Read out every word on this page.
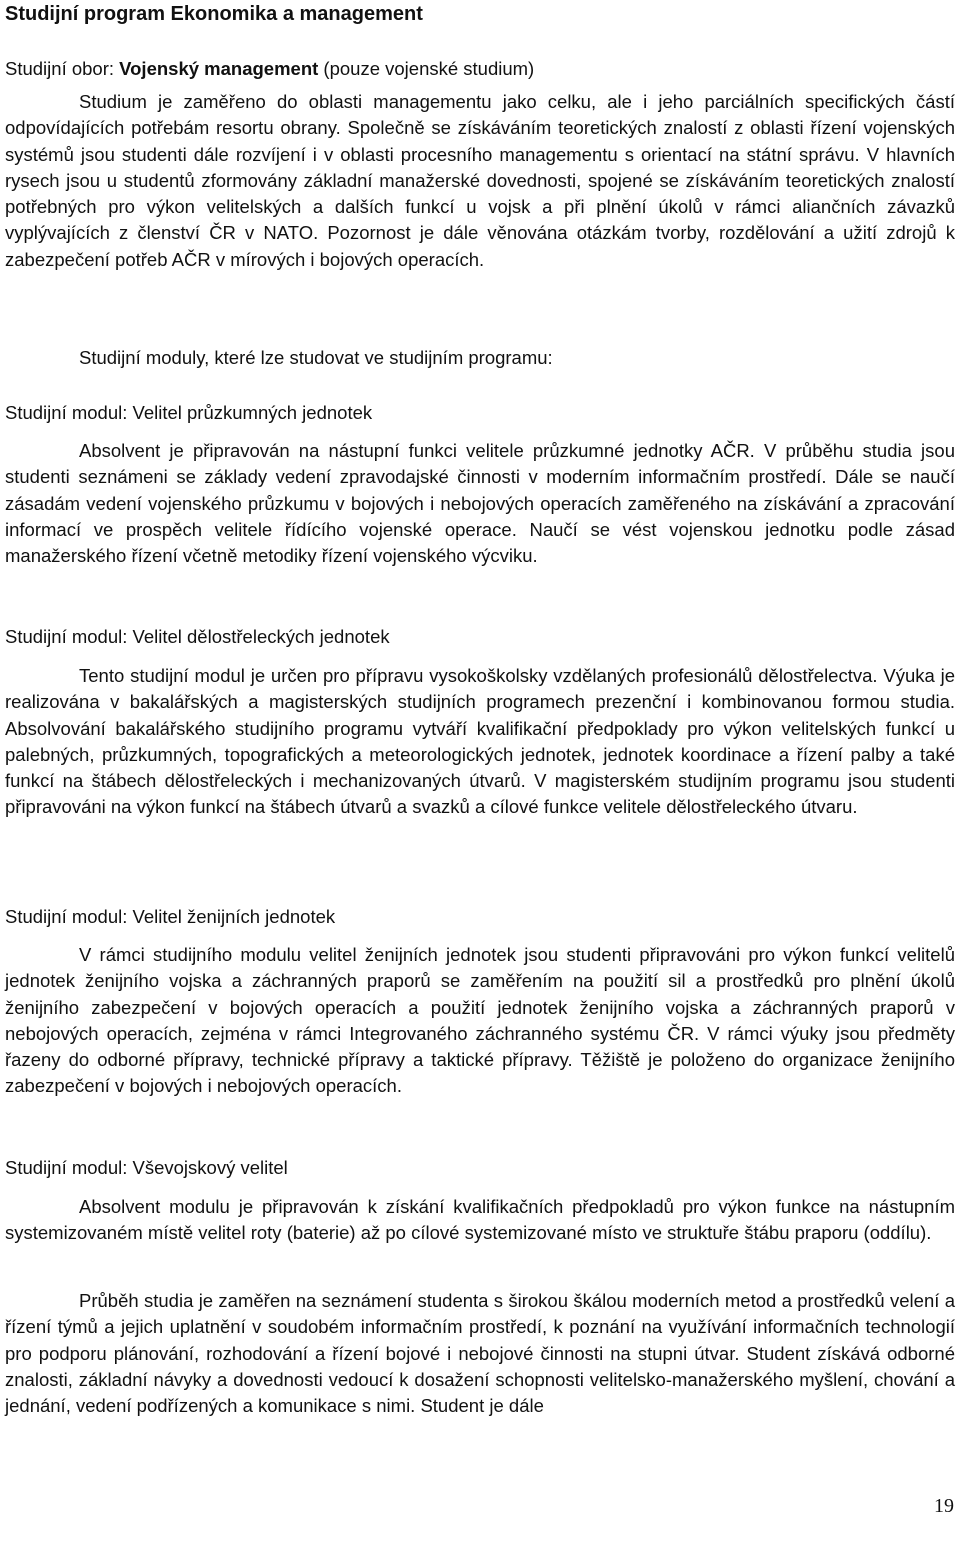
Studijní program Ekonomika a management

Studijní obor: Vojenský management (pouze vojenské studium)

Studium je zaměřeno do oblasti managementu jako celku, ale i jeho parciálních specifických částí odpovídajících potřebám resortu obrany. Společně se získáváním teoretických znalostí z oblasti řízení vojenských systémů jsou studenti dále rozvíjení i v oblasti procesního managementu s orientací na státní správu. V hlavních rysech jsou u studentů zformovány základní manažerské dovednosti, spojené se získáváním teoretických znalostí potřebných pro výkon velitelských a dalších funkcí u vojsk a při plnění úkolů v rámci aliančních závazků vyplývajících z členství ČR v NATO. Pozornost je dále věnována otázkám tvorby, rozdělování a užití zdrojů k zabezpečení potřeb AČR v mírových i bojových operacích.

Studijní moduly, které lze studovat ve studijním programu:

Studijní modul: Velitel průzkumných jednotek

Absolvent je připravován na nástupní funkci velitele průzkumné jednotky AČR. V průběhu studia jsou studenti seznámeni se základy vedení zpravodajské činnosti v moderním informačním prostředí. Dále se naučí zásadám vedení vojenského průzkumu v bojových i nebojových operacích zaměřeného na získávání a zpracování informací ve prospěch velitele řídícího vojenské operace. Naučí se vést vojenskou jednotku podle zásad manažerského řízení včetně metodiky řízení vojenského výcviku.

Studijní modul: Velitel dělostřeleckých jednotek

Tento studijní modul je určen pro přípravu vysokoškolsky vzdělaných profesionálů dělostřelectva. Výuka je realizována v bakalářských a magisterských studijních programech prezenční i kombinovanou formou studia. Absolvování bakalářského studijního programu vytváří kvalifikační předpoklady pro výkon velitelských funkcí u palebných, průzkumných, topografických a meteorologických jednotek, jednotek koordinace a řízení palby a také funkcí na štábech dělostřeleckých i mechanizovaných útvarů. V magisterském studijním programu jsou studenti připravováni na výkon funkcí na štábech útvarů a svazků a cílové funkce velitele dělostřeleckého útvaru.

Studijní modul: Velitel ženijních jednotek

V rámci studijního modulu velitel ženijních jednotek jsou studenti připravováni pro výkon funkcí velitelů jednotek ženijního vojska a záchranných praporů se zaměřením na použití sil a prostředků pro plnění úkolů ženijního zabezpečení v bojových operacích a použití jednotek ženijního vojska a záchranných praporů v nebojových operacích, zejména v rámci Integrovaného záchranného systému ČR. V rámci výuky jsou předměty řazeny do odborné přípravy, technické přípravy a taktické přípravy. Těžiště je položeno do organizace ženijního zabezpečení v bojových i nebojových operacích.

Studijní modul: Vševojskový velitel

Absolvent modulu je připravován k získání kvalifikačních předpokladů pro výkon funkce na nástupním systemizovaném místě velitel roty (baterie) až po cílové systemizované místo ve struktuře štábu praporu (oddílu).

Průběh studia je zaměřen na seznámení studenta s širokou škálou moderních metod a prostředků velení a řízení týmů a jejich uplatnění v soudobém informačním prostředí, k poznání na využívání informačních technologií pro podporu plánování, rozhodování a řízení bojové i nebojové činnosti na stupni útvar. Student získává odborné znalosti, základní návyky a dovednosti vedoucí k dosažení schopnosti velitelsko-manažerského myšlení, chování a jednání, vedení podřízených a komunikace s nimi. Student je dále

19
